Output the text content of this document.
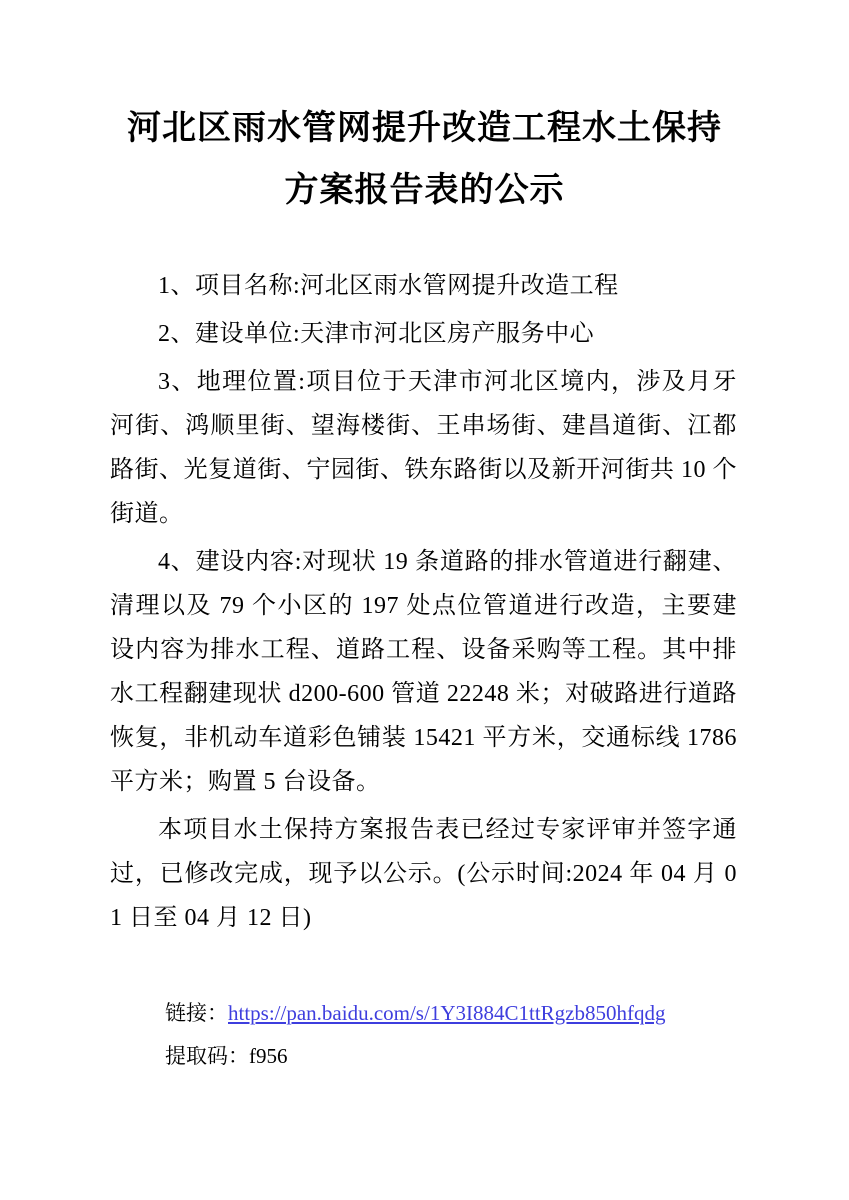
河北区雨水管网提升改造工程水土保持
方案报告表的公示

1、项目名称:河北区雨水管网提升改造工程

2、建设单位:天津市河北区房产服务中心

3、地理位置:项目位于天津市河北区境内，涉及月牙河街、鸿顺里街、望海楼街、王串场街、建昌道街、江都路街、光复道街、宁园街、铁东路街以及新开河街共 10 个街道。

4、建设内容:对现状 19 条道路的排水管道进行翻建、清理以及 79 个小区的 197 处点位管道进行改造，主要建设内容为排水工程、道路工程、设备采购等工程。其中排水工程翻建现状 d200-600 管道 22248 米；对破路进行道路恢复，非机动车道彩色铺装 15421 平方米，交通标线 1786 平方米；购置 5 台设备。

本项目水土保持方案报告表已经过专家评审并签字通过，已修改完成，现予以公示。(公示时间:2024 年 04 月 01 日至 04 月 12 日)

链接：https://pan.baidu.com/s/1Y3I884C1ttRgzb850hfqdg
提取码：f956
